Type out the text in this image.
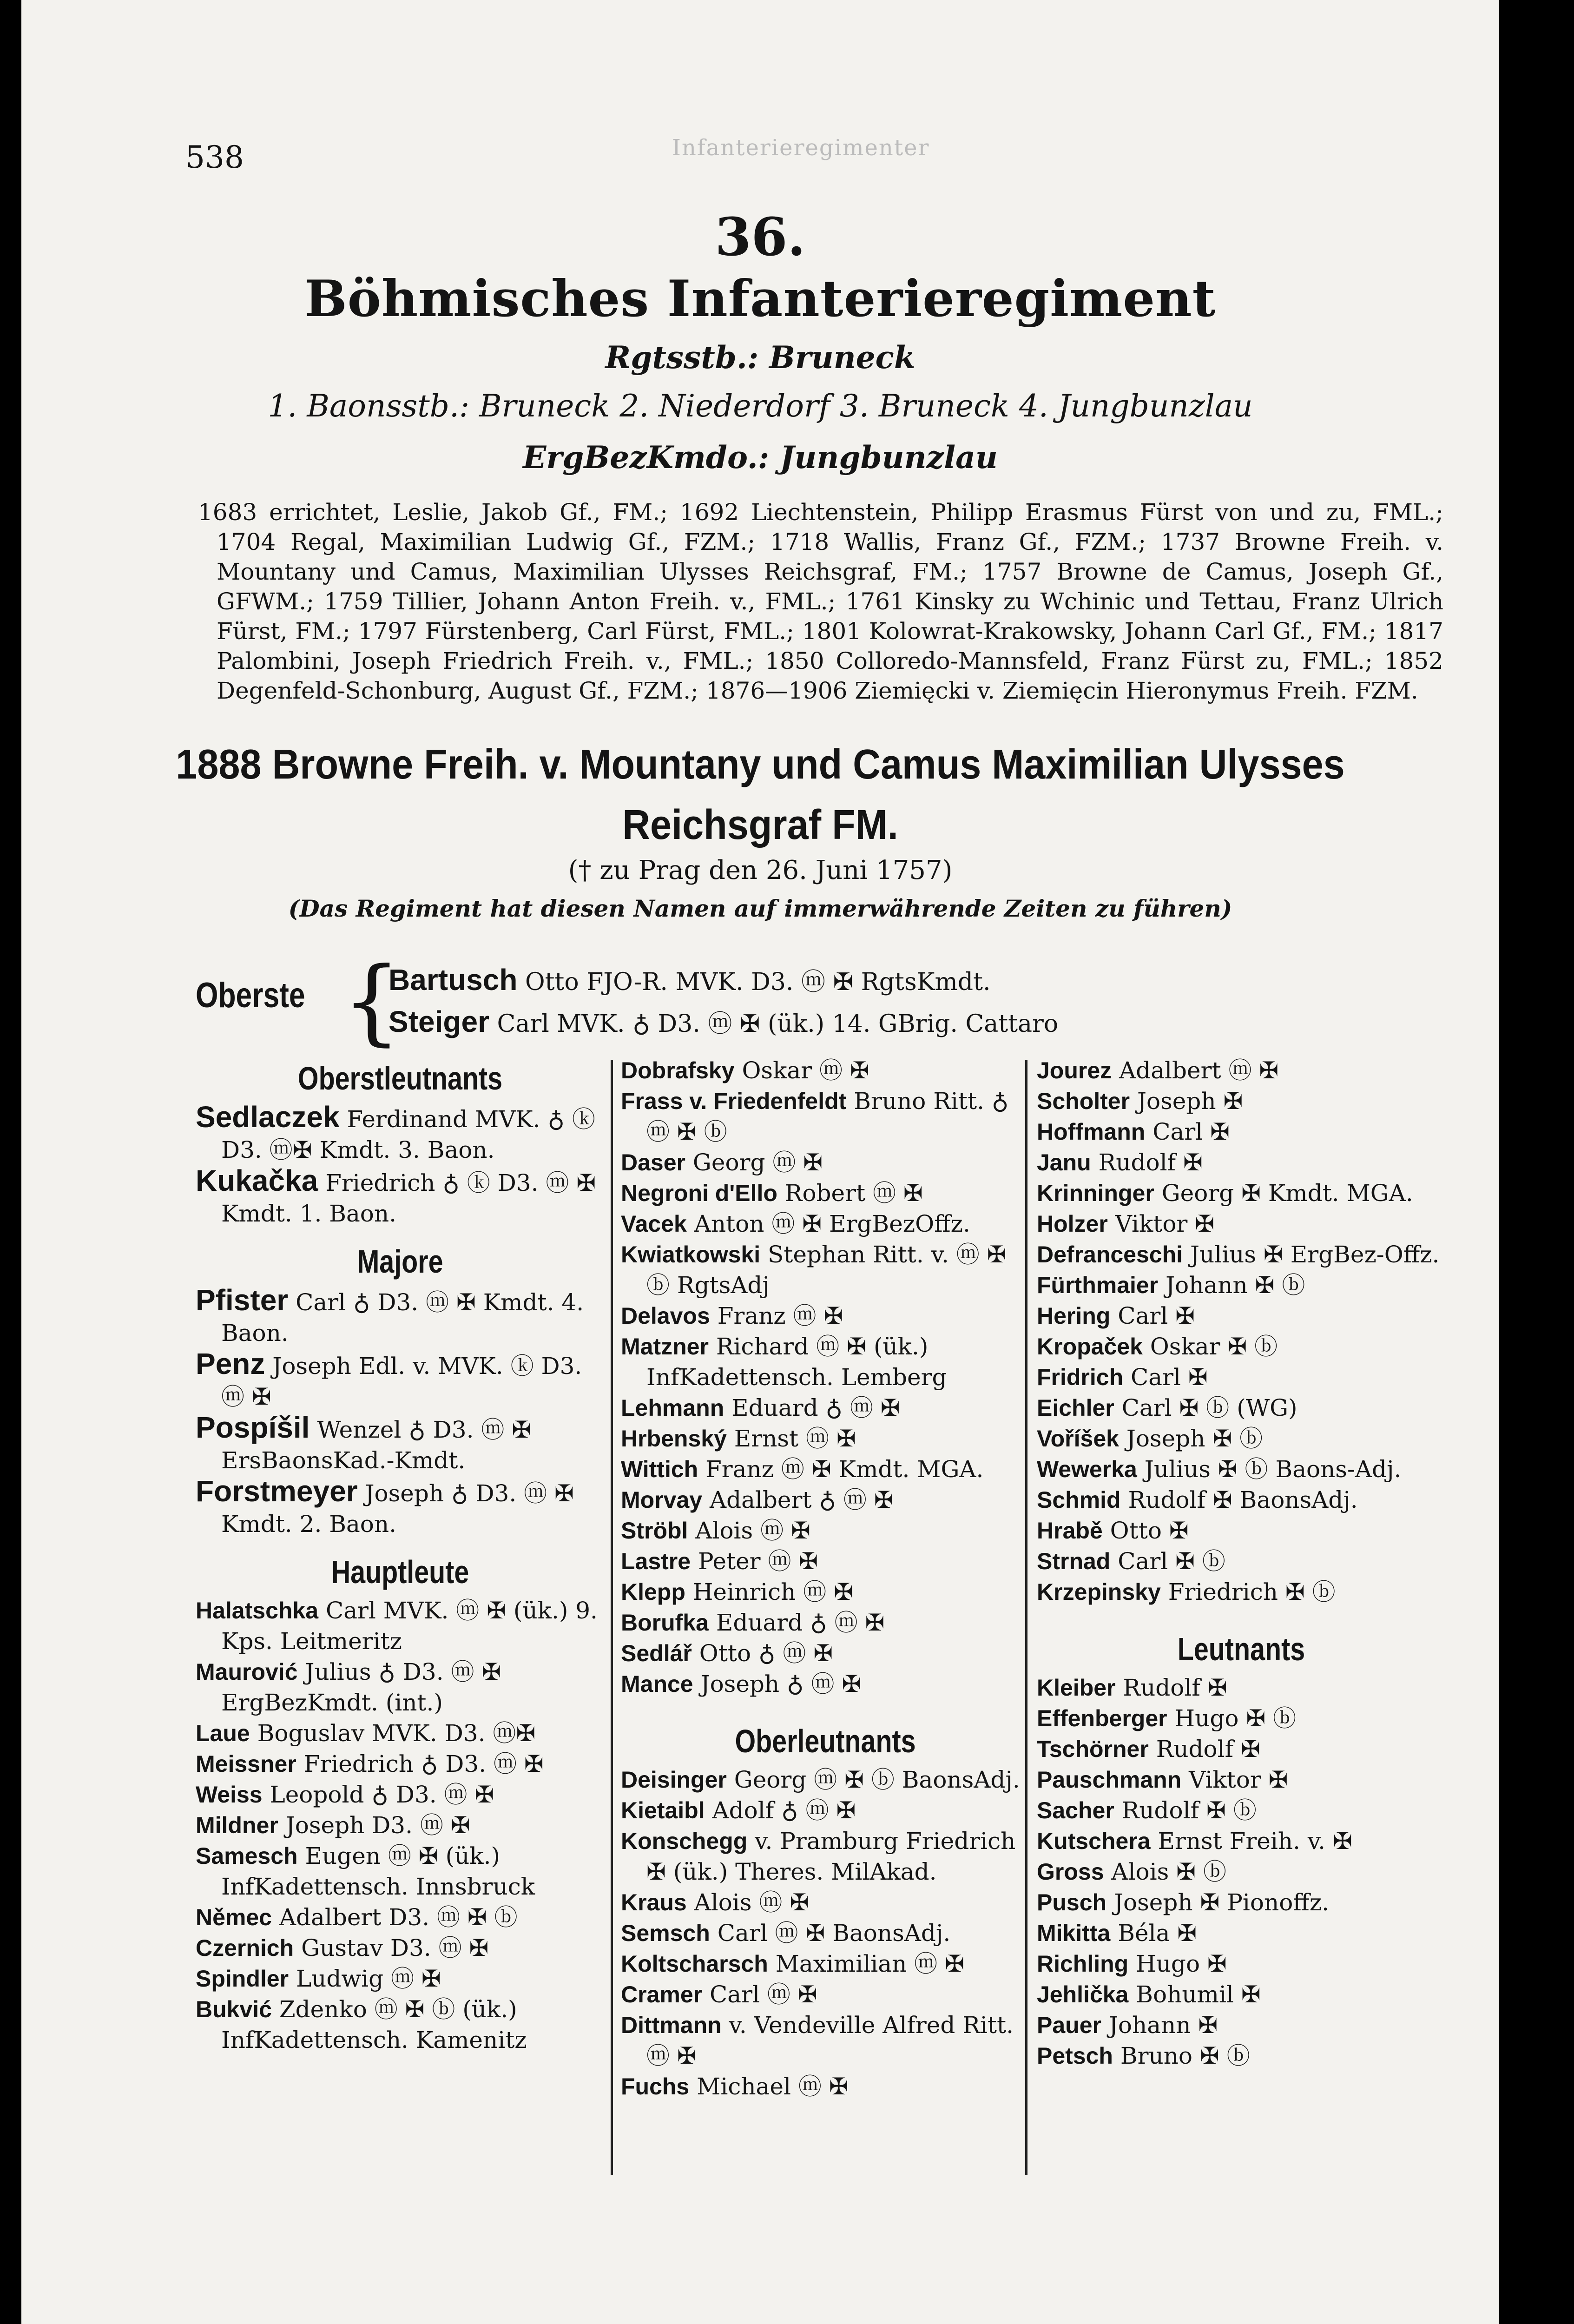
Infanterieregimenter
538
36.
Böhmisches Infanterieregiment
Rgtsstb.: Bruneck
1. Baonsstb.: Bruneck 2. Niederdorf 3. Bruneck 4. Jungbunzlau
ErgBezKmdo.: Jungbunzlau
1683 errichtet, Leslie, Jakob Gf., FM.; 1692 Liechtenstein, Philipp Erasmus Fürst von und zu, FML.; 1704 Regal, Maximilian Ludwig Gf., FZM.; 1718 Wallis, Franz Gf., FZM.; 1737 Browne Freih. v. Mountany und Camus, Maximilian Ulysses Reichsgraf, FM.; 1757 Browne de Camus, Joseph Gf., GFWM.; 1759 Tillier, Johann Anton Freih. v., FML.; 1761 Kinsky zu Wchinic und Tettau, Franz Ulrich Fürst, FM.; 1797 Fürstenberg, Carl Fürst, FML.; 1801 Kolowrat-Krakowsky, Johann Carl Gf., FM.; 1817 Palombini, Joseph Friedrich Freih. v., FML.; 1850 Colloredo-Mannsfeld, Franz Fürst zu, FML.; 1852 Degenfeld-Schonburg, August Gf., FZM.; 1876—1906 Ziemięcki v. Ziemięcin Hieronymus Freih. FZM.
1888 Browne Freih. v. Mountany und Camus Maximilian Ulysses
Reichsgraf FM.
(† zu Prag den 26. Juni 1757)
(Das Regiment hat diesen Namen auf immerwährende Zeiten zu führen)
Oberste {
Bartusch Otto FJO-R. MVK. D3. ⓜ ✠ RgtsKmdt.
Steiger Carl MVK. ♁ D3. ⓜ ✠ (ük.) 14. GBrig. Cattaro
Oberstleutnants
Sedlaczek Ferdinand MVK. ♁ ⓚ D3. ⓜ✠ Kmdt. 3. Baon.
Kukačka Friedrich ♁ ⓚ D3. ⓜ ✠ Kmdt. 1. Baon.
Majore
Pfister Carl ♁ D3. ⓜ ✠ Kmdt. 4. Baon.
Penz Joseph Edl. v. MVK. ⓚ D3. ⓜ ✠
Pospíšil Wenzel ♁ D3. ⓜ ✠ ErsBaonsKad.-Kmdt.
Forstmeyer Joseph ♁ D3. ⓜ ✠ Kmdt. 2. Baon.
Hauptleute
Halatschka Carl MVK. ⓜ ✠ (ük.) 9. Kps. Leitmeritz
Maurović Julius ♁ D3. ⓜ ✠ ErgBezKmdt. (int.)
Laue Boguslav MVK. D3. ⓜ✠
Meissner Friedrich ♁ D3. ⓜ ✠
Weiss Leopold ♁ D3. ⓜ ✠
Mildner Joseph D3. ⓜ ✠
Samesch Eugen ⓜ ✠ (ük.) InfKadettensch. Innsbruck
Němec Adalbert D3. ⓜ ✠ ⓑ
Czernich Gustav D3. ⓜ ✠
Spindler Ludwig ⓜ ✠
Bukvić Zdenko ⓜ ✠ ⓑ (ük.) InfKadettensch. Kamenitz
Dobrafsky Oskar ⓜ ✠
Frass v. Friedenfeldt Bruno Ritt. ♁ ⓜ ✠ ⓑ
Daser Georg ⓜ ✠
Negroni d'Ello Robert ⓜ ✠
Vacek Anton ⓜ ✠ ErgBezOffz.
Kwiatkowski Stephan Ritt. v. ⓜ ✠ ⓑ RgtsAdj
Delavos Franz ⓜ ✠
Matzner Richard ⓜ ✠ (ük.) InfKadettensch. Lemberg
Lehmann Eduard ♁ ⓜ ✠
Hrbenský Ernst ⓜ ✠
Wittich Franz ⓜ ✠ Kmdt. MGA.
Morvay Adalbert ♁ ⓜ ✠
Ströbl Alois ⓜ ✠
Lastre Peter ⓜ ✠
Klepp Heinrich ⓜ ✠
Borufka Eduard ♁ ⓜ ✠
Sedlář Otto ♁ ⓜ ✠
Mance Joseph ♁ ⓜ ✠
Oberleutnants
Deisinger Georg ⓜ ✠ ⓑ BaonsAdj.
Kietaibl Adolf ♁ ⓜ ✠
Konschegg v. Pramburg Friedrich ✠ (ük.) Theres. MilAkad.
Kraus Alois ⓜ ✠
Semsch Carl ⓜ ✠ BaonsAdj.
Koltscharsch Maximilian ⓜ ✠
Cramer Carl ⓜ ✠
Dittmann v. Vendeville Alfred Ritt. ⓜ ✠
Fuchs Michael ⓜ ✠
Jourez Adalbert ⓜ ✠
Scholter Joseph ✠
Hoffmann Carl ✠
Janu Rudolf ✠
Krinninger Georg ✠ Kmdt. MGA.
Holzer Viktor ✠
Defranceschi Julius ✠ ErgBez-Offz.
Fürthmaier Johann ✠ ⓑ
Hering Carl ✠
Kropaček Oskar ✠ ⓑ
Fridrich Carl ✠
Eichler Carl ✠ ⓑ (WG)
Voříšek Joseph ✠ ⓑ
Wewerka Julius ✠ ⓑ Baons-Adj.
Schmid Rudolf ✠ BaonsAdj.
Hrabě Otto ✠
Strnad Carl ✠ ⓑ
Krzepinsky Friedrich ✠ ⓑ
Leutnants
Kleiber Rudolf ✠
Effenberger Hugo ✠ ⓑ
Tschörner Rudolf ✠
Pauschmann Viktor ✠
Sacher Rudolf ✠ ⓑ
Kutschera Ernst Freih. v. ✠
Gross Alois ✠ ⓑ
Pusch Joseph ✠ Pionoffz.
Mikitta Béla ✠
Richling Hugo ✠
Jehlička Bohumil ✠
Pauer Johann ✠
Petsch Bruno ✠ ⓑ
